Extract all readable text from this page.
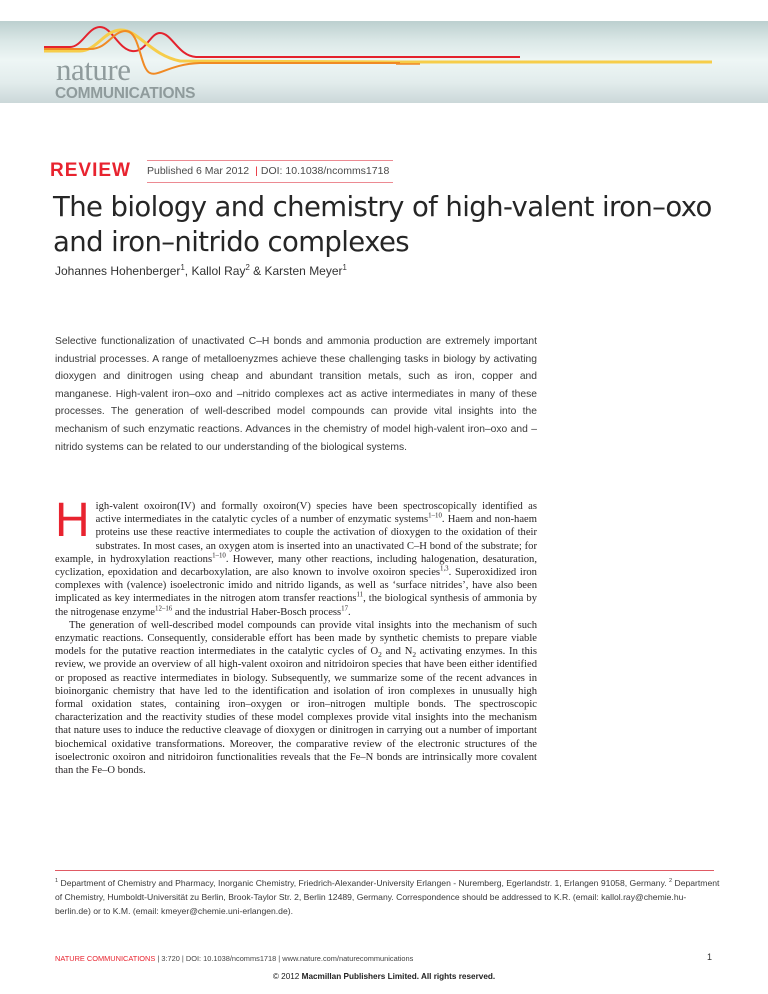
nature
COMMUNICATIONS
REVIEW Published 6 Mar 2012 | DOI: 10.1038/ncomms1718
The biology and chemistry of high-valent iron–oxo
and iron–nitrido complexes
Johannes Hohenberger$^1$, Kallol Ray$^2$ & Karsten Meyer$^1$
Selective functionalization of unactivated C–H bonds and ammonia production are extremely important industrial processes. A range of metalloenyzmes achieve these challenging tasks in biology by activating dioxygen and dinitrogen using cheap and abundant transition metals, such as iron, copper and manganese. High-valent iron–oxo and –nitrido complexes act as active intermediates in many of these processes. The generation of well-described model compounds can provide vital insights into the mechanism of such enzymatic reactions. Advances in the chemistry of model high-valent iron–oxo and –nitrido systems can be related to our understanding of the biological systems.

High-valent oxoiron(IV) and formally oxoiron(V) species have been spectroscopically identified as active intermediates in the catalytic cycles of a number of enzymatic systems$^{1-10}$. Haem and non-haem proteins use these reactive intermediates to couple the activation of dioxygen to the oxidation of their substrates. In most cases, an oxygen atom is inserted into an unactivated C–H bond of the substrate; for example, in hydroxylation reactions$^{1-10}$. However, many other reactions, including halogenation, desaturation, cyclization, epoxidation and decarboxylation, are also known to involve oxoiron species$^{1,3}$. Superoxidized iron complexes with (valence) isoelectronic imido and nitrido ligands, as well as ‘surface nitrides’, have also been implicated as key intermediates in the nitrogen atom transfer reactions$^{11}$, the biological synthesis of ammonia by the nitrogenase enzyme$^{12-16}$ and the industrial Haber-Bosch process$^{17}$.

The generation of well-described model compounds can provide vital insights into the mechanism of such enzymatic reactions. Consequently, considerable effort has been made by synthetic chemists to prepare viable models for the putative reaction intermediates in the catalytic cycles of $O_2$ and $N_2$ activating enzymes. In this review, we provide an overview of all high-valent oxoiron and nitridoiron species that have been either identified or proposed as reactive intermediates in biology. Subsequently, we summarize some of the recent advances in bioinorganic chemistry that have led to the identification and isolation of iron complexes in unusually high formal oxidation states, containing iron–oxygen or iron–nitrogen multiple bonds. The spectroscopic characterization and the reactivity studies of these model complexes provide vital insights into the mechanism that nature uses to induce the reductive cleavage of dioxygen or dinitrogen in carrying out a number of important biochemical oxidative transformations. Moreover, the comparative review of the electronic structures of the isoelectronic oxoiron and nitridoiron functionalities reveals that the Fe–N bonds are intrinsically more covalent than the Fe–O bonds.

$^1$ Department of Chemistry and Pharmacy, Inorganic Chemistry, Friedrich-Alexander-University Erlangen - Nuremberg, Egerlandstr. 1, Erlangen 91058, Germany. $^2$ Department of Chemistry, Humboldt-Universität zu Berlin, Brook-Taylor Str. 2, Berlin 12489, Germany. Correspondence should be addressed to K.R. (email: kallol.ray@chemie.hu-berlin.de) or to K.M. (email: kmeyer@chemie.uni-erlangen.de).
NATURE COMMUNICATIONS | 3:720 | DOI: 10.1038/ncomms1718 | www.nature.com/naturecommunications	1
© 2012 Macmillan Publishers Limited. All rights reserved.
